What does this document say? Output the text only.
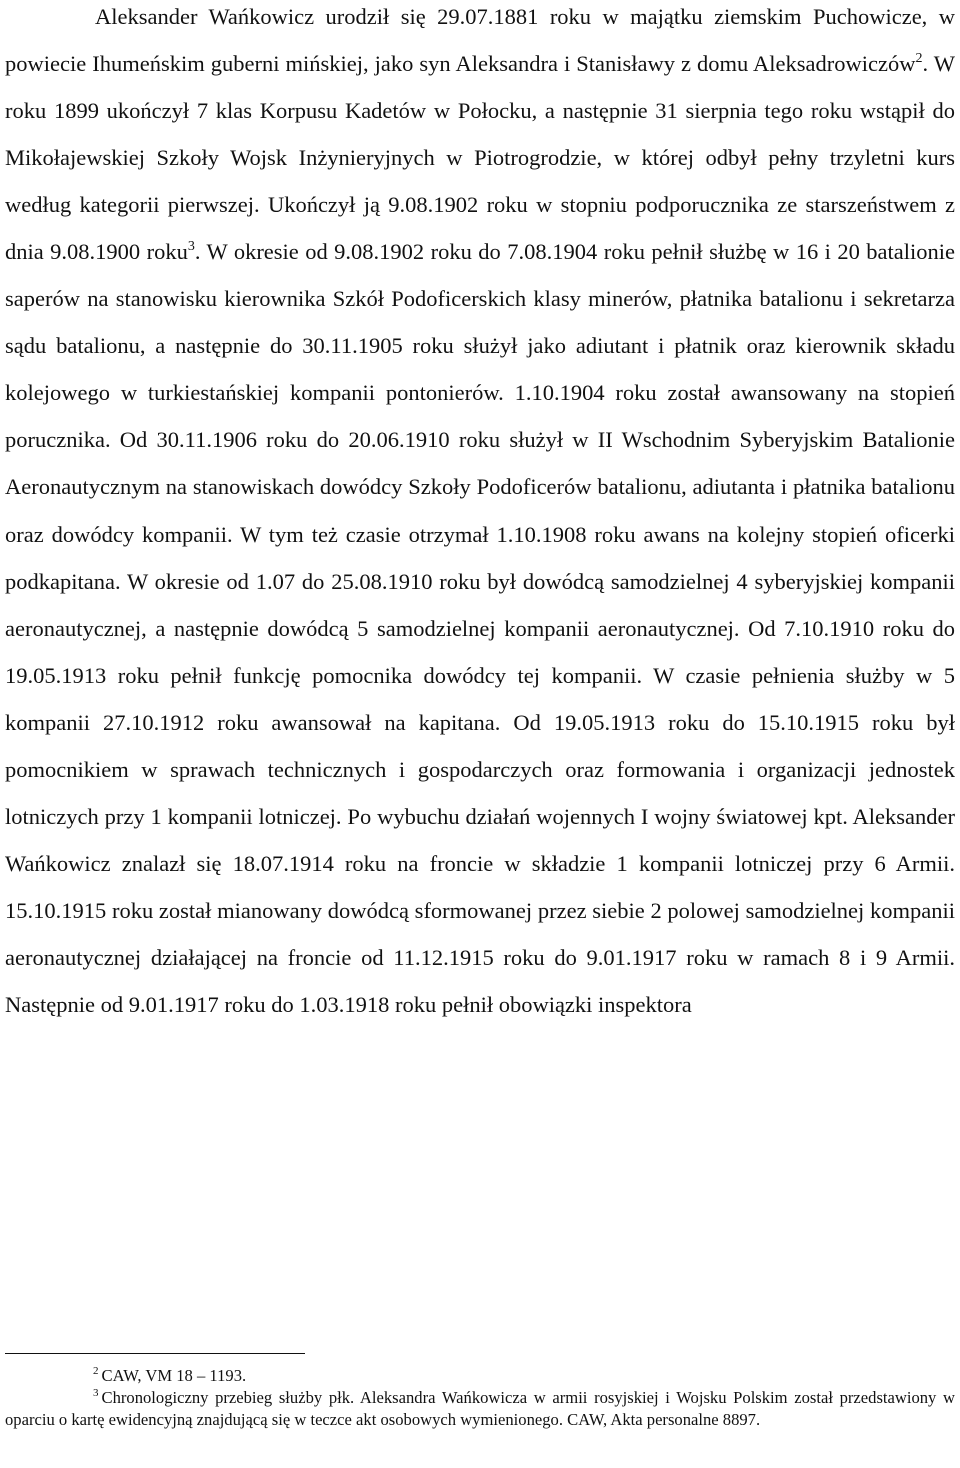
Aleksander Wańkowicz urodził się 29.07.1881 roku w majątku ziemskim Puchowicze, w powiecie Ihumeńskim guberni mińskiej, jako syn Aleksandra i Stanisławy z domu Aleksadrowiczów$^2$. W roku 1899 ukończył 7 klas Korpusu Kadetów w Połocku, a następnie 31 sierpnia tego roku wstąpił do Mikołajewskiej Szkoły Wojsk Inżynieryjnych w Piotrogrodzie, w której odbył pełny trzyletni kurs według kategorii pierwszej. Ukończył ją 9.08.1902 roku w stopniu podporucznika ze starszeństwem z dnia 9.08.1900 roku$^3$. W okresie od 9.08.1902 roku do 7.08.1904 roku pełnił służbę w 16 i 20 batalionie saperów na stanowisku kierownika Szkół Podoficerskich klasy minerów, płatnika batalionu i sekretarza sądu batalionu, a następnie do 30.11.1905 roku służył jako adiutant i płatnik oraz kierownik składu kolejowego w turkiestańskiej kompanii pontonierów. 1.10.1904 roku został awansowany na stopień porucznika. Od 30.11.1906 roku do 20.06.1910 roku służył w II Wschodnim Syberyjskim Batalionie Aeronautycznym na stanowiskach dowódcy Szkoły Podoficerów batalionu, adiutanta i płatnika batalionu oraz dowódcy kompanii. W tym też czasie otrzymał 1.10.1908 roku awans na kolejny stopień oficerki podkapitana. W okresie od 1.07 do 25.08.1910 roku był dowódcą samodzielnej 4 syberyjskiej kompanii aeronautycznej, a następnie dowódcą 5 samodzielnej kompanii aeronautycznej. Od 7.10.1910 roku do 19.05.1913 roku pełnił funkcję pomocnika dowódcy tej kompanii. W czasie pełnienia służby w 5 kompanii 27.10.1912 roku awansował na kapitana. Od 19.05.1913 roku do 15.10.1915 roku był pomocnikiem w sprawach technicznych i gospodarczych oraz formowania i organizacji jednostek lotniczych przy 1 kompanii lotniczej. Po wybuchu działań wojennych I wojny światowej kpt. Aleksander Wańkowicz znalazł się 18.07.1914 roku na froncie w składzie 1 kompanii lotniczej przy 6 Armii. 15.10.1915 roku został mianowany dowódcą sformowanej przez siebie 2 polowej samodzielnej kompanii aeronautycznej działającej na froncie od 11.12.1915 roku do 9.01.1917 roku w ramach 8 i 9 Armii. Następnie od 9.01.1917 roku do 1.03.1918 roku pełnił obowiązki inspektora

2 CAW, VM 18 – 1193.

3 Chronologiczny przebieg służby płk. Aleksandra Wańkowicza w armii rosyjskiej i Wojsku Polskim został przedstawiony w oparciu o kartę ewidencyjną znajdującą się w teczce akt osobowych wymienionego. CAW, Akta personalne 8897.
